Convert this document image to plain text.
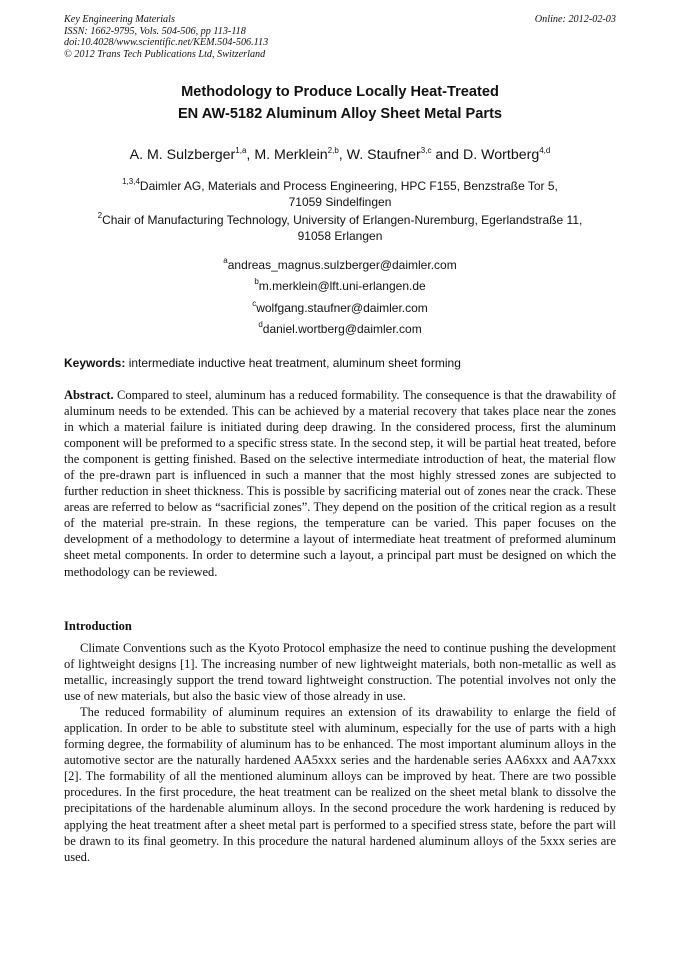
Key Engineering Materials
ISSN: 1662-9795, Vols. 504-506, pp 113-118
doi:10.4028/www.scientific.net/KEM.504-506.113
© 2012 Trans Tech Publications Ltd, Switzerland
Online: 2012-02-03
Methodology to Produce Locally Heat-Treated
EN AW-5182 Aluminum Alloy Sheet Metal Parts
A. M. Sulzberger$^{1,a}$, M. Merklein$^{2,b}$, W. Staufner$^{3,c}$ and D. Wortberg$^{4,d}$
$^{1,3,4}$Daimler AG, Materials and Process Engineering, HPC F155, Benzstraße Tor 5,
71059 Sindelfingen
$^2$Chair of Manufacturing Technology, University of Erlangen-Nuremburg, Egerlandstraße 11,
91058 Erlangen
$^a$andreas_magnus.sulzberger@daimler.com
$^b$m.merklein@lft.uni-erlangen.de
$^c$wolfgang.staufner@daimler.com
$^d$daniel.wortberg@daimler.com
Keywords: intermediate inductive heat treatment, aluminum sheet forming

Abstract. Compared to steel, aluminum has a reduced formability. The consequence is that the drawability of aluminum needs to be extended. This can be achieved by a material recovery that takes place near the zones in which a material failure is initiated during deep drawing. In the considered process, first the aluminum component will be preformed to a specific stress state. In the second step, it will be partial heat treated, before the component is getting finished. Based on the selective intermediate introduction of heat, the material flow of the pre-drawn part is influenced in such a manner that the most highly stressed zones are subjected to further reduction in sheet thickness. This is possible by sacrificing material out of zones near the crack. These areas are referred to below as “sacrificial zones”. They depend on the position of the critical region as a result of the material pre-strain. In these regions, the temperature can be varied. This paper focuses on the development of a methodology to determine a layout of intermediate heat treatment of preformed aluminum sheet metal components. In order to determine such a layout, a principal part must be designed on which the methodology can be reviewed.

Introduction

Climate Conventions such as the Kyoto Protocol emphasize the need to continue pushing the development of lightweight designs [1]. The increasing number of new lightweight materials, both non-metallic as well as metallic, increasingly support the trend toward lightweight construction. The potential involves not only the use of new materials, but also the basic view of those already in use.

The reduced formability of aluminum requires an extension of its drawability to enlarge the field of application. In order to be able to substitute steel with aluminum, especially for the use of parts with a high forming degree, the formability of aluminum has to be enhanced. The most important aluminum alloys in the automotive sector are the naturally hardened AA5xxx series and the hardenable series AA6xxx and AA7xxx [2]. The formability of all the mentioned aluminum alloys can be improved by heat. There are two possible procedures. In the first procedure, the heat treatment can be realized on the sheet metal blank to dissolve the precipitations of the hardenable aluminum alloys. In the second procedure the work hardening is reduced by applying the heat treatment after a sheet metal part is performed to a specified stress state, before the part will be drawn to its final geometry. In this procedure the natural hardened aluminum alloys of the 5xxx series are used.
